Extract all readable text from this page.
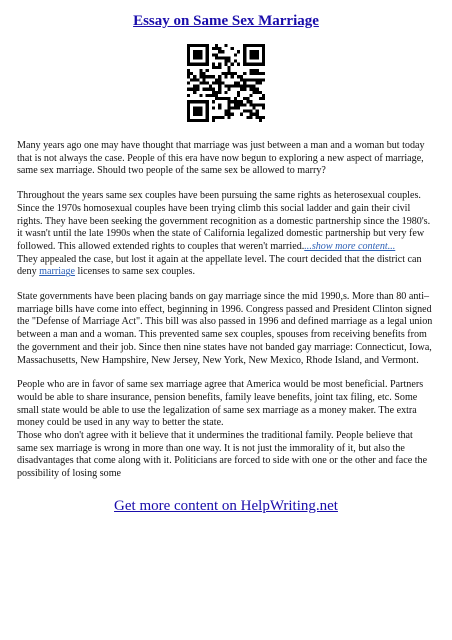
Essay on Same Sex Marriage

Many years ago one may have thought that marriage was just between a man and a woman but today that is not always the case. People of this era have now begun to exploring a new aspect of marriage, same sex marriage. Should two people of the same sex be allowed to marry?

Throughout the years same sex couples have been pursuing the same rights as heterosexual couples. Since the 1970s homosexual couples have been trying climb this social ladder and gain their civil rights. They have been seeking the government recognition as a domestic partnership since the 1980's. it wasn't until the late 1990s when the state of California legalized domestic partnership but very few followed. This allowed extended rights to couples that weren't married....show more content...

They appealed the case, but lost it again at the appellate level. The court decided that the district can deny marriage licenses to same sex couples.

State governments have been placing bands on gay marriage since the mid 1990,s. More than 80 anti–marriage bills have come into effect, beginning in 1996. Congress passed and President Clinton signed the "Defense of Marriage Act". This bill was also passed in 1996 and defined marriage as a legal union between a man and a woman. This prevented same sex couples, spouses from receiving benefits from the government and their job. Since then nine states have not banded gay marriage: Connecticut, Iowa, Massachusetts, New Hampshire, New Jersey, New York, New Mexico, Rhode Island, and Vermont.

People who are in favor of same sex marriage agree that America would be most beneficial. Partners would be able to share insurance, pension benefits, family leave benefits, joint tax filing, etc. Some small state would be able to use the legalization of same sex marriage as a money maker. The extra money could be used in any way to better the state.

Those who don't agree with it believe that it undermines the traditional family. People believe that same sex marriage is wrong in more than one way. It is not just the immorality of it, but also the disadvantages that come along with it. Politicians are forced to side with one or the other and face the possibility of losing some

Get more content on HelpWriting.net
